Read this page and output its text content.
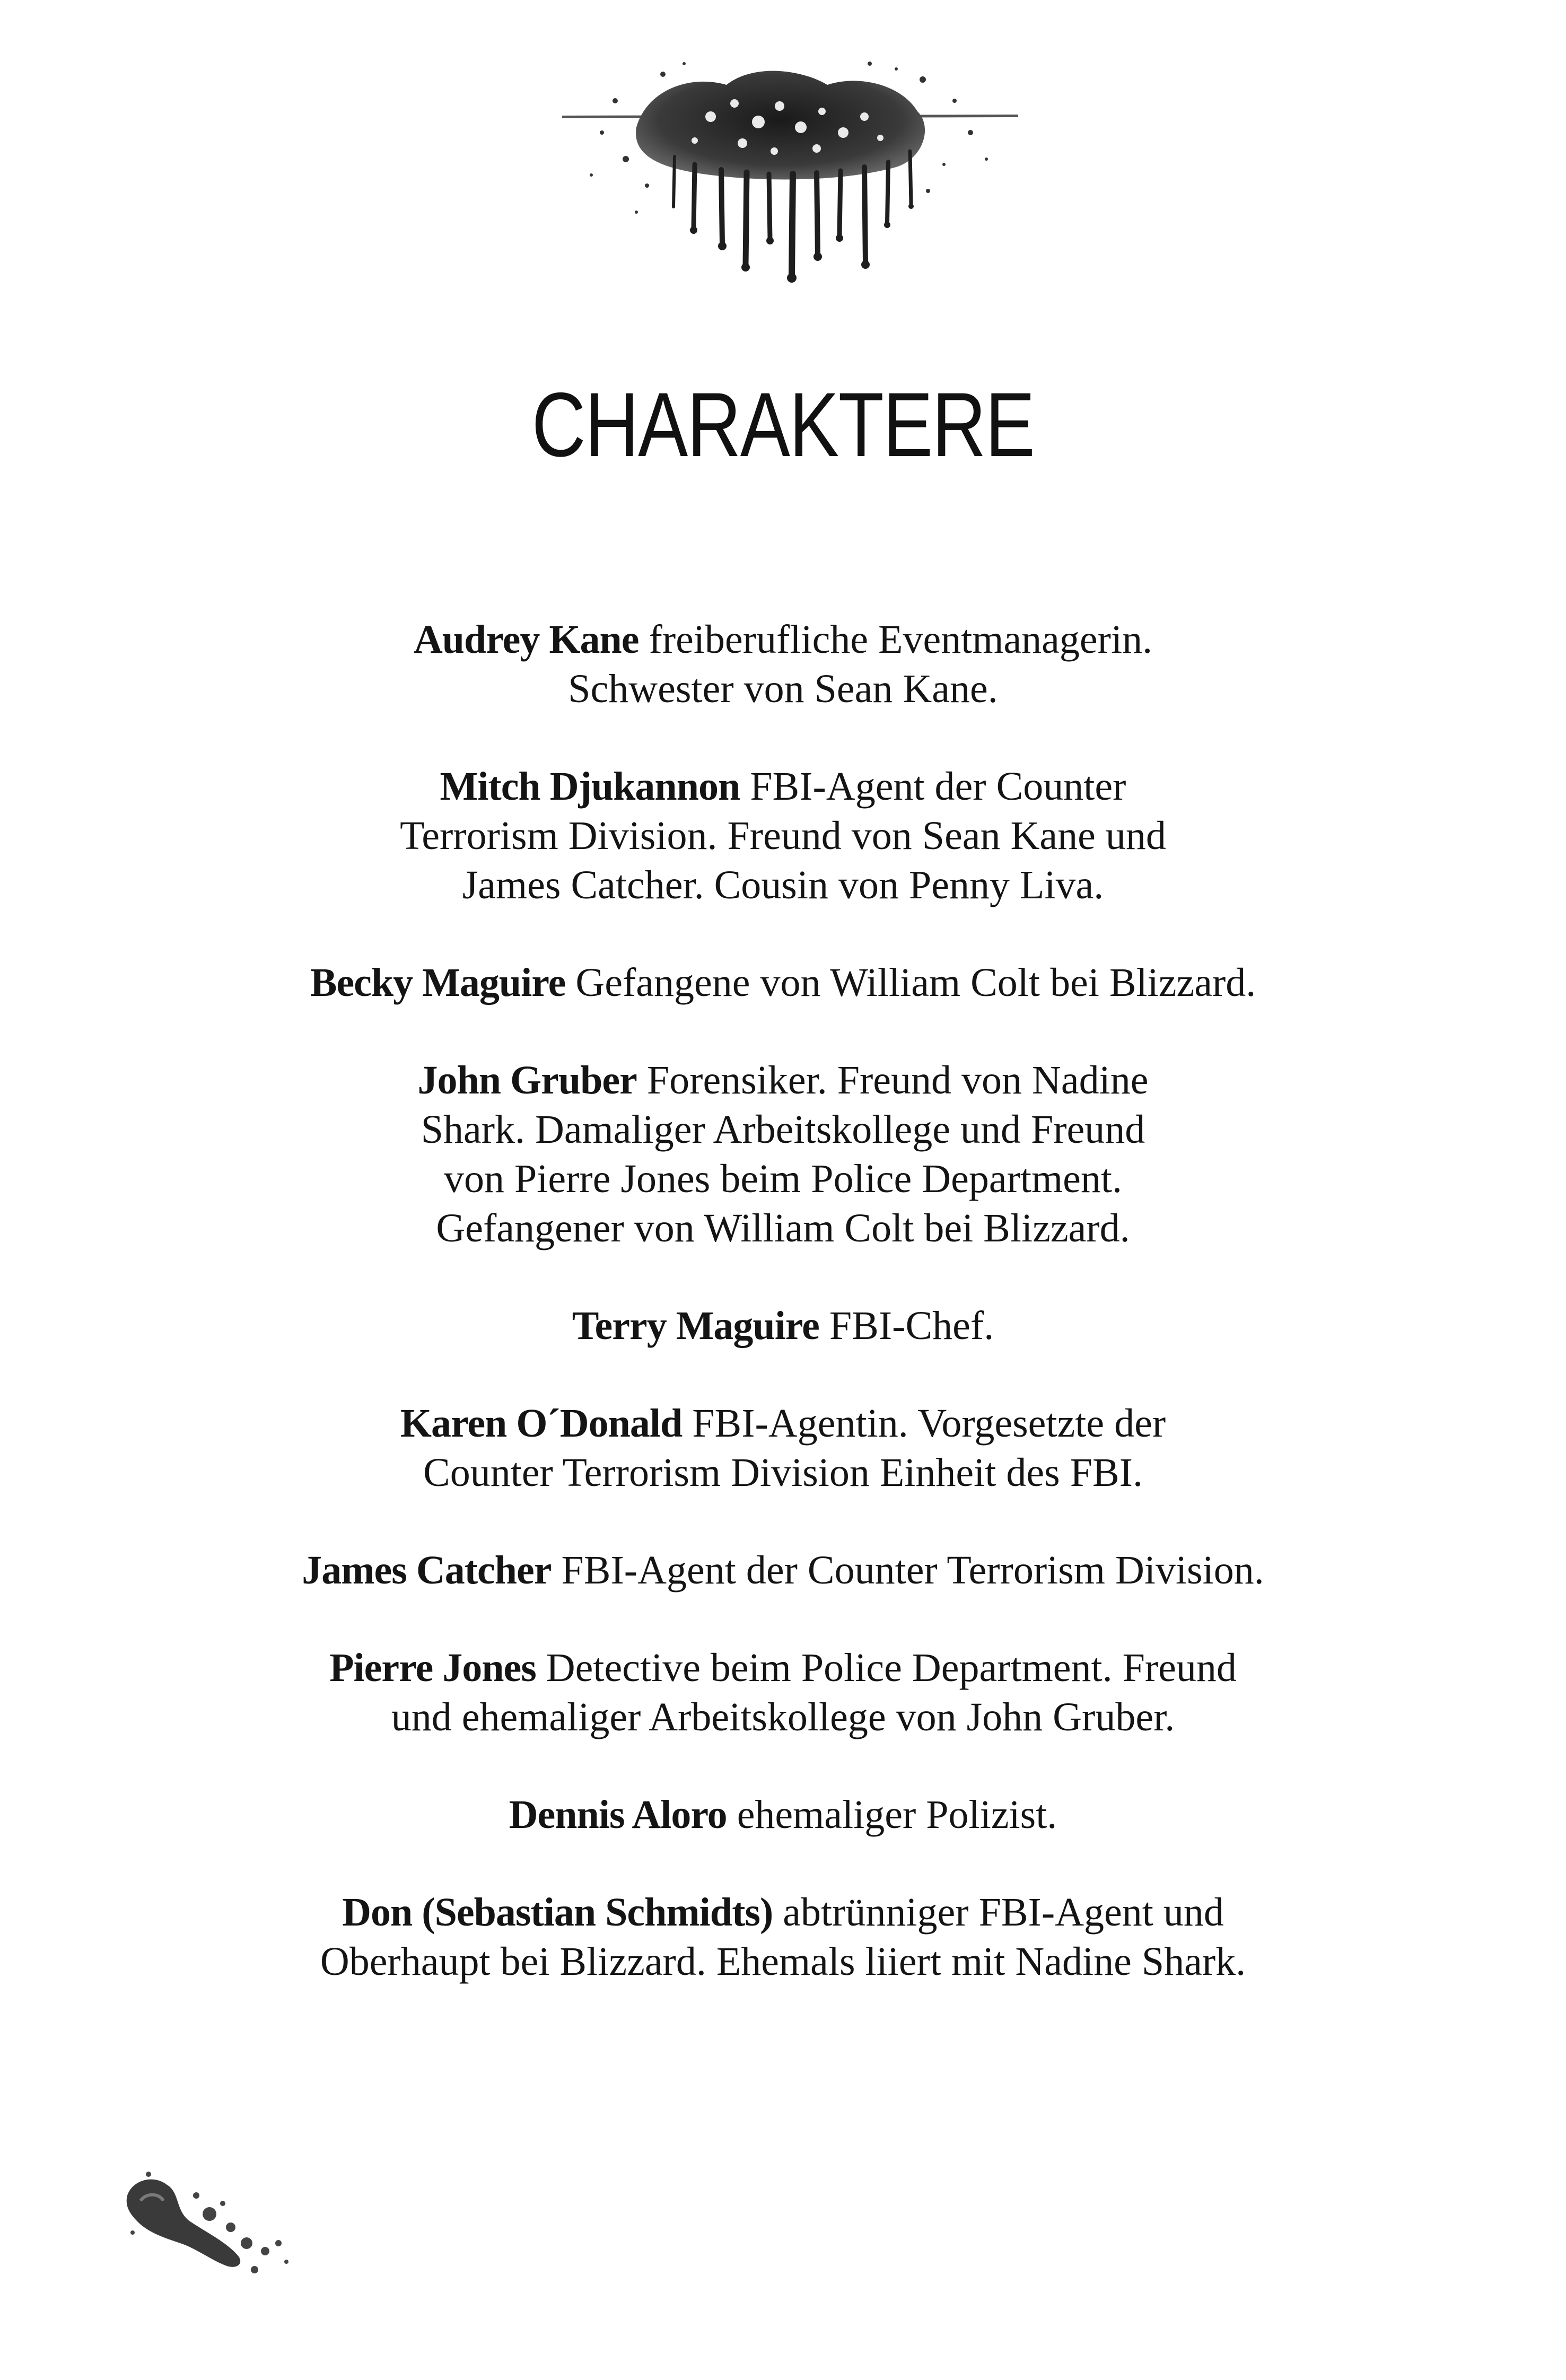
CHARAKTERE
Audrey Kane freiberufliche Eventmanagerin.
Schwester von Sean Kane.
Mitch Djukannon FBI-Agent der Counter
Terrorism Division. Freund von Sean Kane und
James Catcher. Cousin von Penny Liva.
Becky Maguire Gefangene von William Colt bei Blizzard.
John Gruber Forensiker. Freund von Nadine
Shark. Damaliger Arbeitskollege und Freund
von Pierre Jones beim Police Department.
Gefangener von William Colt bei Blizzard.
Terry Maguire FBI-Chef.
Karen O´Donald FBI-Agentin. Vorgesetzte der
Counter Terrorism Division Einheit des FBI.
James Catcher FBI-Agent der Counter Terrorism Division.
Pierre Jones Detective beim Police Department. Freund
und ehemaliger Arbeitskollege von John Gruber.
Dennis Aloro ehemaliger Polizist.
Don (Sebastian Schmidts) abtrünniger FBI-Agent und
Oberhaupt bei Blizzard. Ehemals liiert mit Nadine Shark.
